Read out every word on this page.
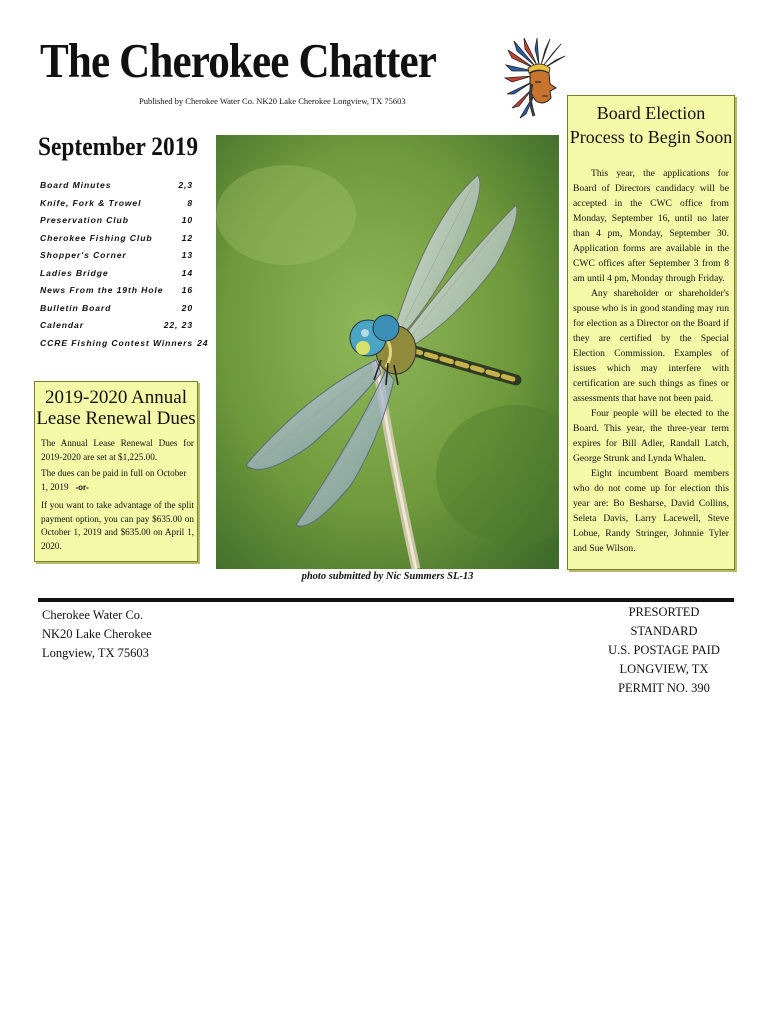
The Cherokee Chatter
Published by Cherokee Water Co. NK20 Lake Cherokee Longview, TX 75603
September 2019
Board Minutes	2,3
Knife, Fork & Trowel	8
Preservation Club	10
Cherokee Fishing Club	12
Shopper's Corner	13
Ladies Bridge	14
News From the 19th Hole 16
Bulletin Board	20
Calendar	22, 23
CCRE Fishing Contest Winners 24
2019-2020 Annual Lease Renewal Dues
The Annual Lease Renewal Dues for 2019-2020 are set at $1,225.00.
The dues can be paid in full on October 1, 2019 -or-
If you want to take advantage of the split payment option, you can pay $635.00 on October 1, 2019 and $635.00 on April 1, 2020.
photo submitted by Nic Summers SL-13
Board Election Process to Begin Soon

This year, the applications for Board of Directors candidacy will be accepted in the CWC office from Monday, September 16, until no later than 4 pm, Monday, September 30. Application forms are available in the CWC offices after September 3 from 8 am until 4 pm, Monday through Friday.

Any shareholder or shareholder's spouse who is in good standing may run for election as a Director on the Board if they are certified by the Special Election Commission. Examples of issues which may interfere with certification are such things as fines or assessments that have not been paid.

Four people will be elected to the Board. This year, the three-year term expires for Bill Adler, Randall Latch, George Strunk and Lynda Whalen.

Eight incumbent Board members who do not come up for election this year are: Bo Besharse, David Collins, Seleta Davis, Larry Lacewell, Steve Lobue, Randy Stringer, Johnnie Tyler and Sue Wilson.

Cherokee Water Co.
NK20 Lake Cherokee
Longview, TX 75603
PRESORTED
STANDARD
U.S. POSTAGE PAID
LONGVIEW, TX
PERMIT NO. 390
